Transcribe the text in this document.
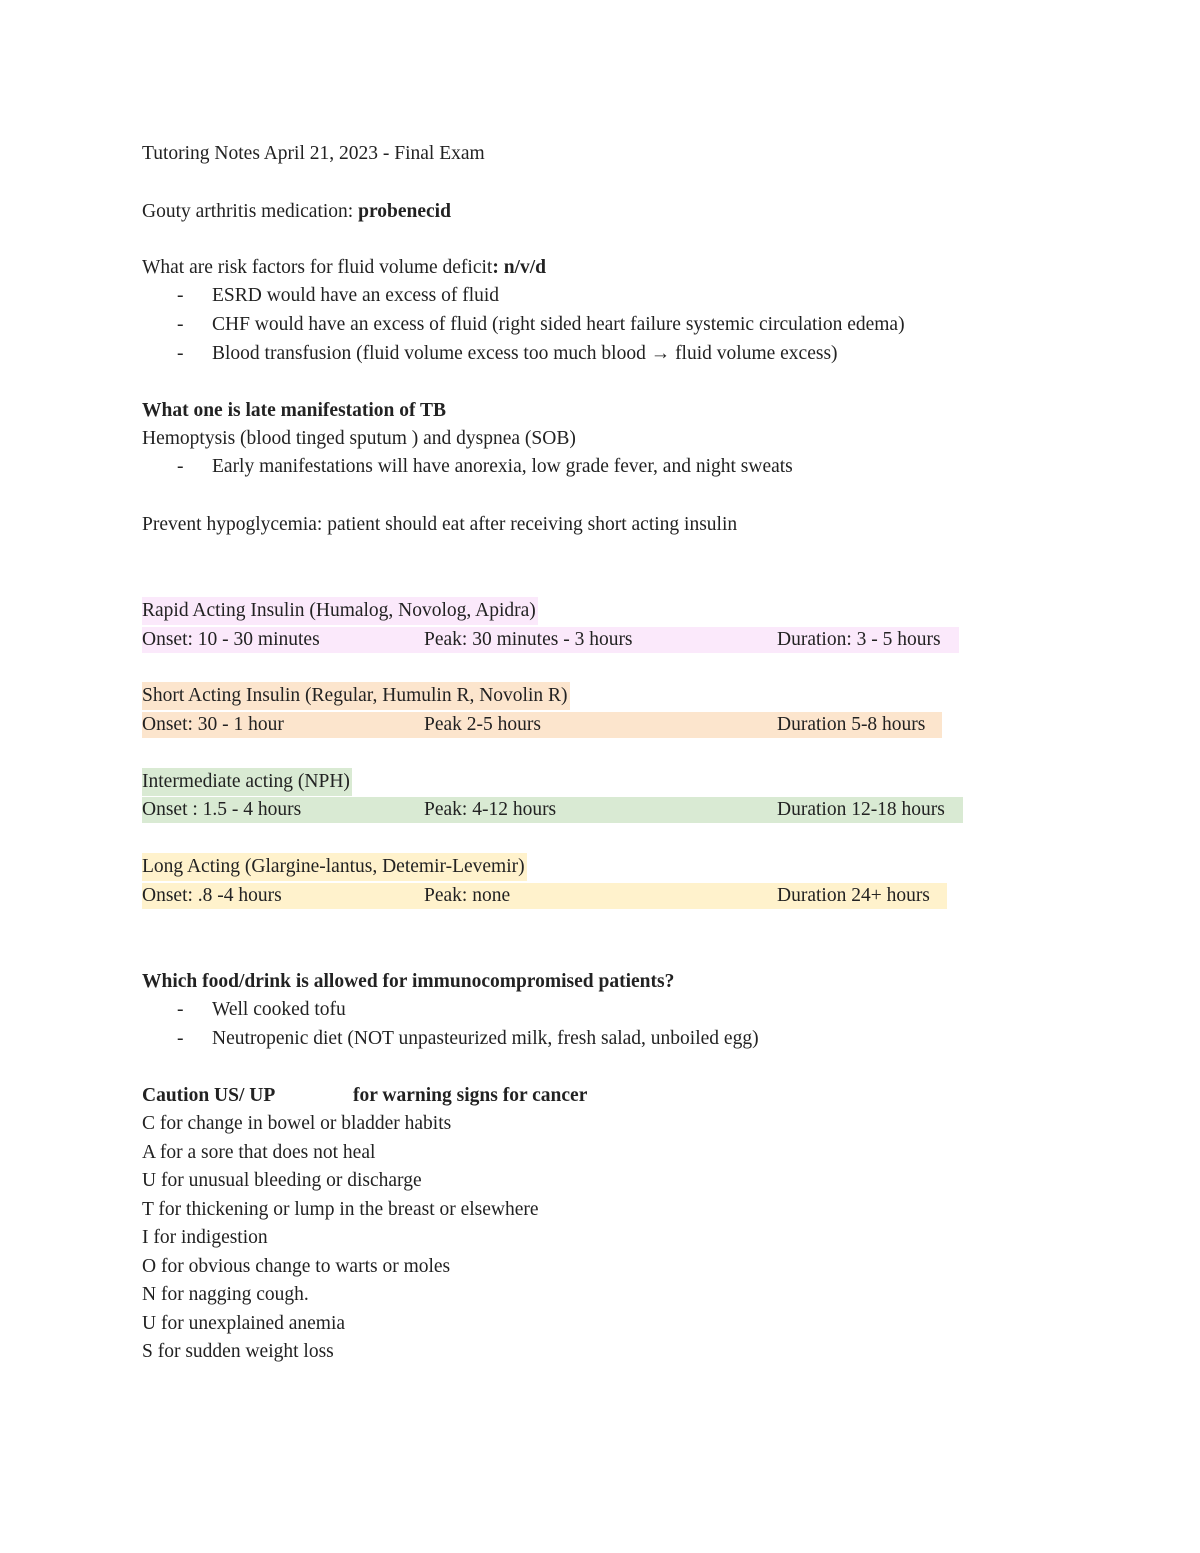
Tutoring Notes April 21, 2023 - Final Exam
Gouty arthritis medication: probenecid
What are risk factors for fluid volume deficit: n/v/d
- ESRD would have an excess of fluid
- CHF would have an excess of fluid (right sided heart failure systemic circulation edema)
- Blood transfusion (fluid volume excess too much blood → fluid volume excess)
What one is late manifestation of TB
Hemoptysis (blood tinged sputum ) and dyspnea (SOB)
- Early manifestations will have anorexia, low grade fever, and night sweats
Prevent hypoglycemia: patient should eat after receiving short acting insulin
Rapid Acting Insulin (Humalog, Novolog, Apidra)
Onset: 10 - 30 minutes	Peak: 30 minutes - 3 hours	Duration: 3 - 5 hours
Short Acting Insulin (Regular, Humulin R, Novolin R)
Onset: 30 - 1 hour	Peak 2-5 hours	Duration 5-8 hours
Intermediate acting (NPH)
Onset : 1.5 - 4 hours	Peak: 4-12 hours	Duration 12-18 hours
Long Acting (Glargine-lantus, Detemir-Levemir)
Onset: .8 -4 hours	Peak: none	Duration 24+ hours
Which food/drink is allowed for immunocompromised patients?
- Well cooked tofu
- Neutropenic diet (NOT unpasteurized milk, fresh salad, unboiled egg)
Caution US/ UP	for warning signs for cancer
C for change in bowel or bladder habits
A for a sore that does not heal
U for unusual bleeding or discharge
T for thickening or lump in the breast or elsewhere
I for indigestion
O for obvious change to warts or moles
N for nagging cough.
U for unexplained anemia
S for sudden weight loss
